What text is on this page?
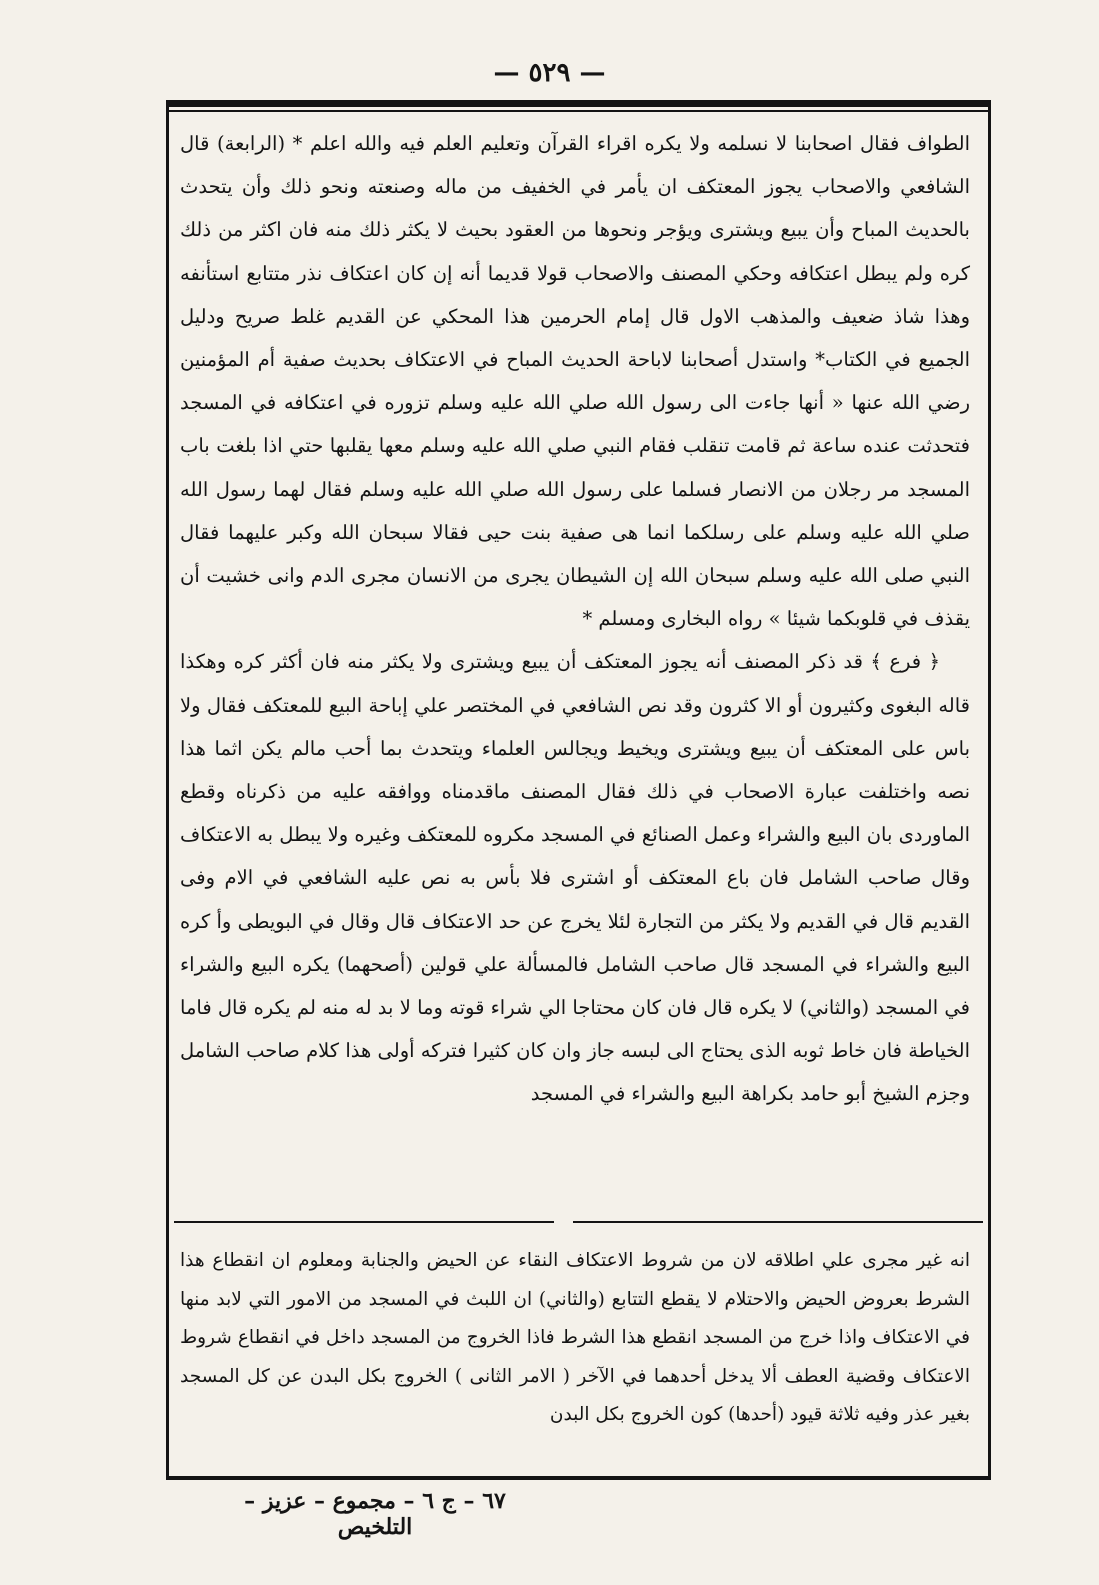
— ٥٢٩ —

الطواف فقال اصحابنا لا نسلمه ولا يكره اقراء القرآن وتعليم العلم فيه والله اعلم * (الرابعة) قال الشافعي والاصحاب يجوز المعتكف ان يأمر في الخفيف من ماله وصنعته ونحو ذلك وأن يتحدث بالحديث المباح وأن يبيع ويشترى ويؤجر ونحوها من العقود بحيث لا يكثر ذلك منه فان اكثر من ذلك كره ولم يبطل اعتكافه وحكي المصنف والاصحاب قولا قديما أنه إن كان اعتكاف نذر متتابع استأنفه وهذا شاذ ضعيف والمذهب الاول قال إمام الحرمين هذا المحكي عن القديم غلط صريح ودليل الجميع في الكتاب* واستدل أصحابنا لاباحة الحديث المباح في الاعتكاف بحديث صفية أم المؤمنين رضي الله عنها « أنها جاءت الى رسول الله صلي الله عليه وسلم تزوره في اعتكافه في المسجد فتحدثت عنده ساعة ثم قامت تنقلب فقام النبي صلي الله عليه وسلم معها يقلبها حتي اذا بلغت باب المسجد مر رجلان من الانصار فسلما على رسول الله صلي الله عليه وسلم فقال لهما رسول الله صلي الله عليه وسلم على رسلكما انما هى صفية بنت حيى فقالا سبحان الله وكبر عليهما فقال النبي صلى الله عليه وسلم سبحان الله إن الشيطان يجرى من الانسان مجرى الدم وانى خشيت أن يقذف في قلوبكما شيئا » رواه البخارى ومسلم *

﴿ فرع ﴾ قد ذكر المصنف أنه يجوز المعتكف أن يبيع ويشترى ولا يكثر منه فان أكثر كره وهكذا قاله البغوى وكثيرون أو الا كثرون وقد نص الشافعي في المختصر علي إباحة البيع للمعتكف فقال ولا باس على المعتكف أن يبيع ويشترى ويخيط ويجالس العلماء ويتحدث بما أحب مالم يكن اثما هذا نصه واختلفت عبارة الاصحاب في ذلك فقال المصنف ماقدمناه ووافقه عليه من ذكرناه وقطع الماوردى بان البيع والشراء وعمل الصنائع في المسجد مكروه للمعتكف وغيره ولا يبطل به الاعتكاف وقال صاحب الشامل فان باع المعتكف أو اشترى فلا بأس به نص عليه الشافعي في الام وفى القديم قال في القديم ولا يكثر من التجارة لئلا يخرج عن حد الاعتكاف قال وقال في البويطى وأ كره البيع والشراء في المسجد قال صاحب الشامل فالمسألة علي قولين (أصحهما) يكره البيع والشراء في المسجد (والثاني) لا يكره قال فان كان محتاجا الي شراء قوته وما لا بد له منه لم يكره قال فاما الخياطة فان خاط ثوبه الذى يحتاج الى لبسه جاز وان كان كثيرا فتركه أولى هذا كلام صاحب الشامل وجزم الشيخ أبو حامد بكراهة البيع والشراء في المسجد

انه غير مجرى علي اطلاقه لان من شروط الاعتكاف النقاء عن الحيض والجنابة ومعلوم ان انقطاع هذا الشرط بعروض الحيض والاحتلام لا يقطع التتابع (والثاني) ان اللبث في المسجد من الامور التي لابد منها في الاعتكاف واذا خرج من المسجد انقطع هذا الشرط فاذا الخروج من المسجد داخل في انقطاع شروط الاعتكاف وقضية العطف ألا يدخل أحدهما في الآخر ( الامر الثانى ) الخروج بكل البدن عن كل المسجد بغير عذر وفيه ثلاثة قيود (أحدها) كون الخروج بكل البدن

٦٧ – ج ٦ – مجموع – عزيز – التلخيص
